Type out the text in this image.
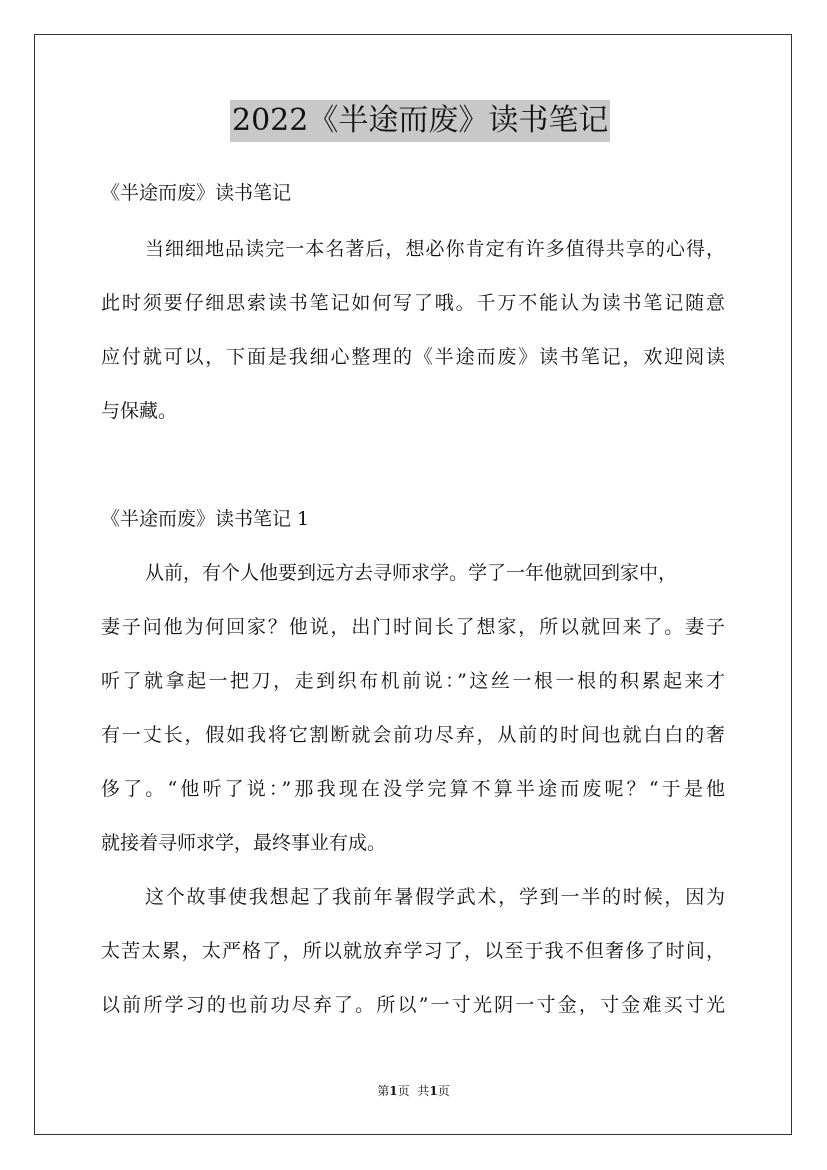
2022《半途而废》读书笔记
《半途而废》读书笔记
当细细地品读完一本名著后，想必你肯定有许多值得共享的心得，
此时须要仔细思索读书笔记如何写了哦。千万不能认为读书笔记随意
应付就可以，下面是我细心整理的《半途而废》读书笔记，欢迎阅读
与保藏。
《半途而废》读书笔记 1
从前，有个人他要到远方去寻师求学。学了一年他就回到家中，
妻子问他为何回家？他说，出门时间长了想家，所以就回来了。妻子
听了就拿起一把刀，走到织布机前说：”这丝一根一根的积累起来才
有一丈长，假如我将它割断就会前功尽弃，从前的时间也就白白的奢
侈了。“他听了说：”那我现在没学完算不算半途而废呢？“于是他
就接着寻师求学，最终事业有成。
这个故事使我想起了我前年暑假学武术，学到一半的时候，因为
太苦太累，太严格了，所以就放弃学习了，以至于我不但奢侈了时间，
以前所学习的也前功尽弃了。所以”一寸光阴一寸金，寸金难买寸光
第1页 共1页
